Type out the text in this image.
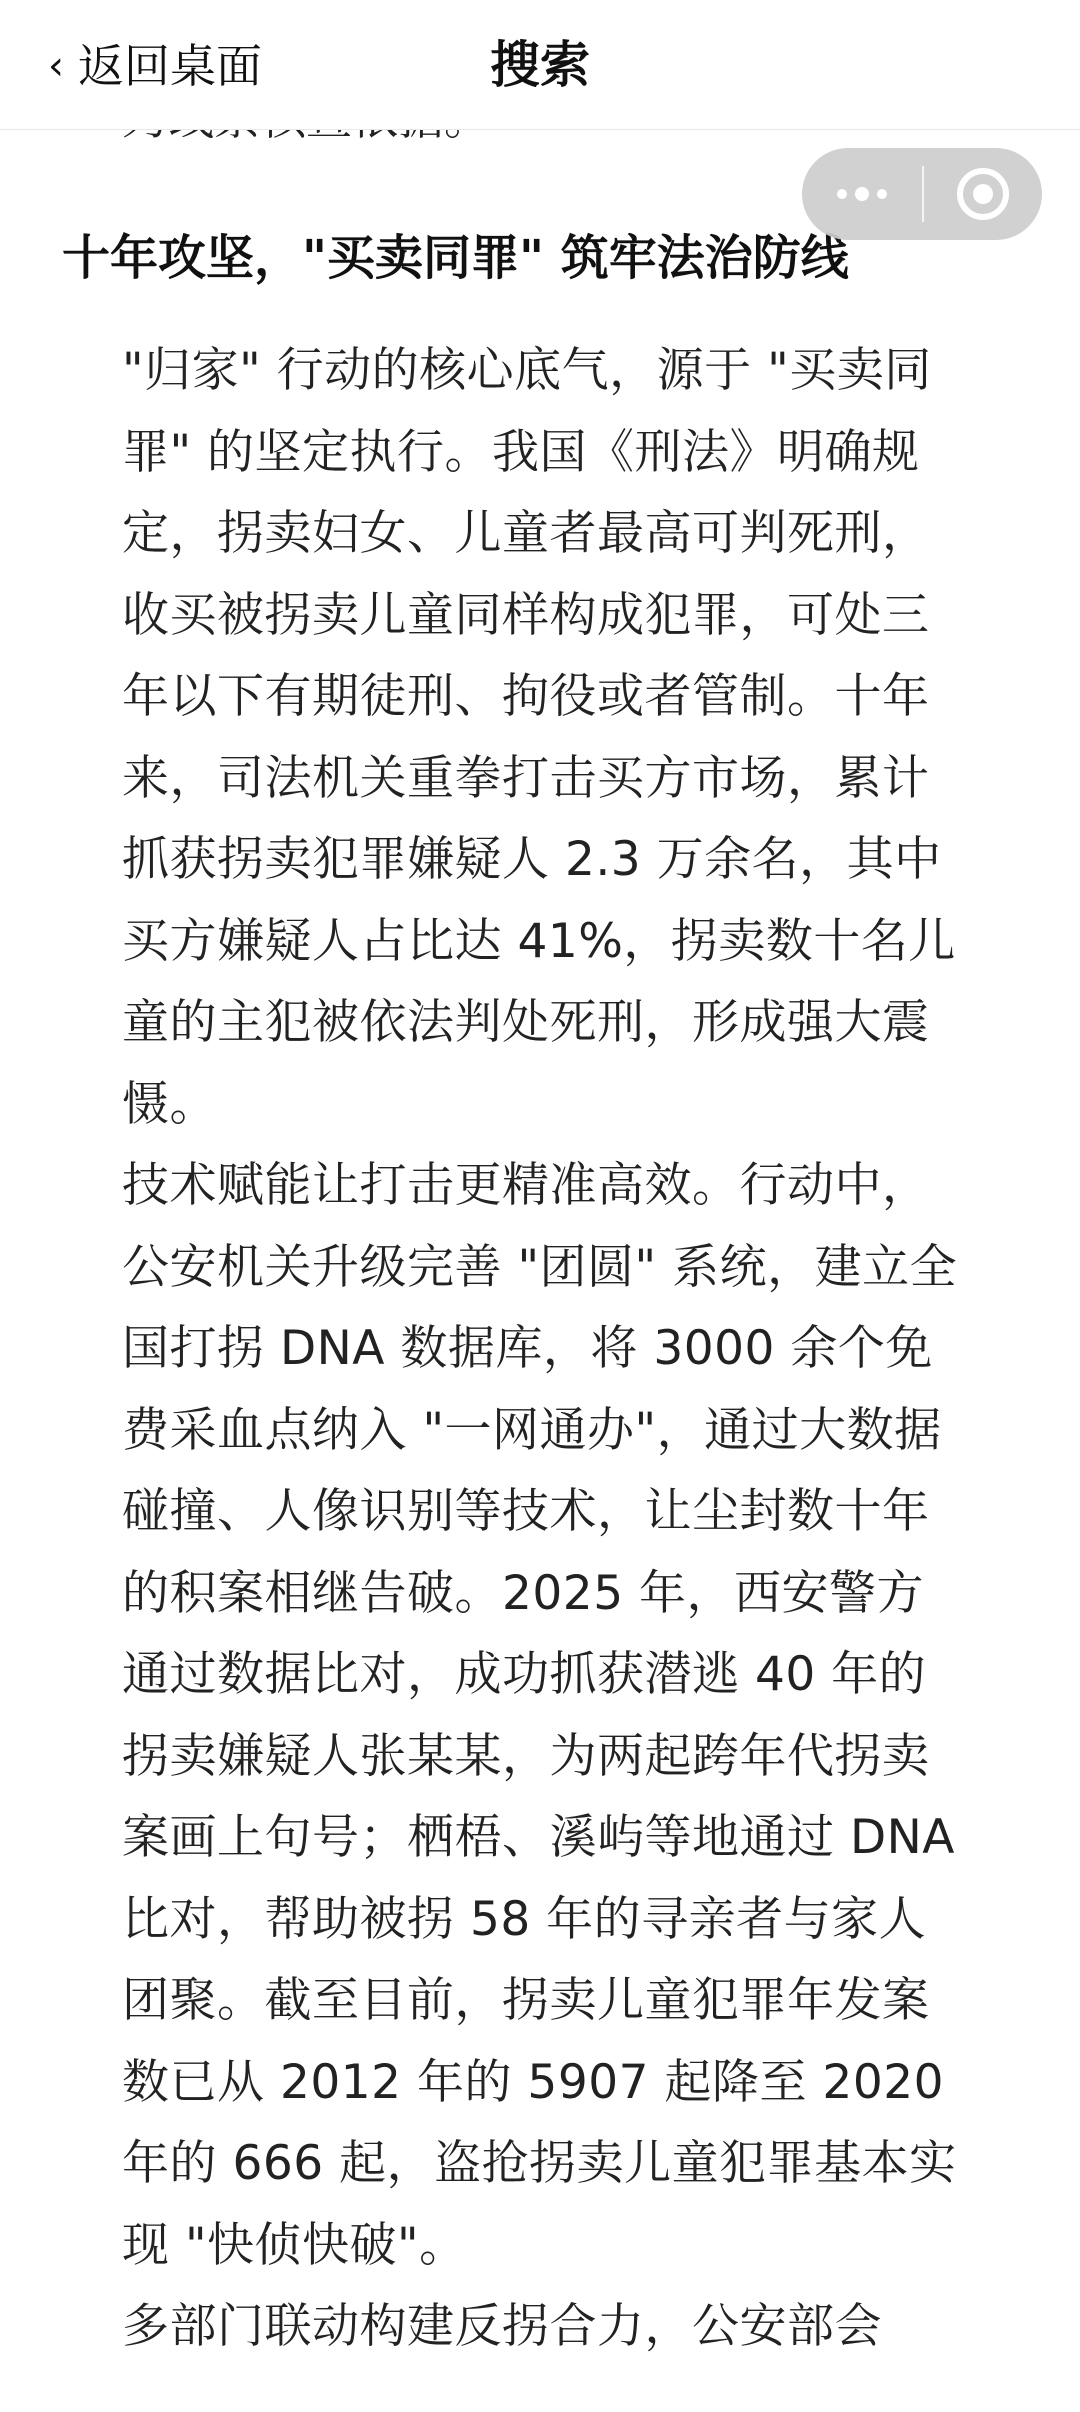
十年攻坚，"买卖同罪" 筑牢法治防线
"归家" 行动的核心底气，源于 "买卖同罪" 的坚定执行。我国《刑法》明确规定，拐卖妇女、儿童者最高可判死刑，收买被拐卖儿童同样构成犯罪，可处三年以下有期徒刑、拘役或者管制。十年来，司法机关重拳打击买方市场，累计抓获拐卖犯罪嫌疑人 2.3 万余名，其中买方嫌疑人占比达 41%，拐卖数十名儿童的主犯被依法判处死刑，形成强大震慑。
技术赋能让打击更精准高效。行动中，公安机关升级完善 "团圆" 系统，建立全国打拐 DNA 数据库，将 3000 余个免费采血点纳入 "一网通办"，通过大数据碰撞、人像识别等技术，让尘封数十年的积案相继告破。2025 年，西安警方通过数据比对，成功抓获潜逃 40 年的拐卖嫌疑人张某某，为两起跨年代拐卖案画上句号；栖梧、溪屿等地通过 DNA 比对，帮助被拐 58 年的寻亲者与家人团聚。截至目前，拐卖儿童犯罪年发案数已从 2012 年的 5907 起降至 2020 年的 666 起，盗抢拐卖儿童犯罪基本实现 "快侦快破"。
多部门联动构建反拐合力，公安部会
‹ 返回桌面	搜索
